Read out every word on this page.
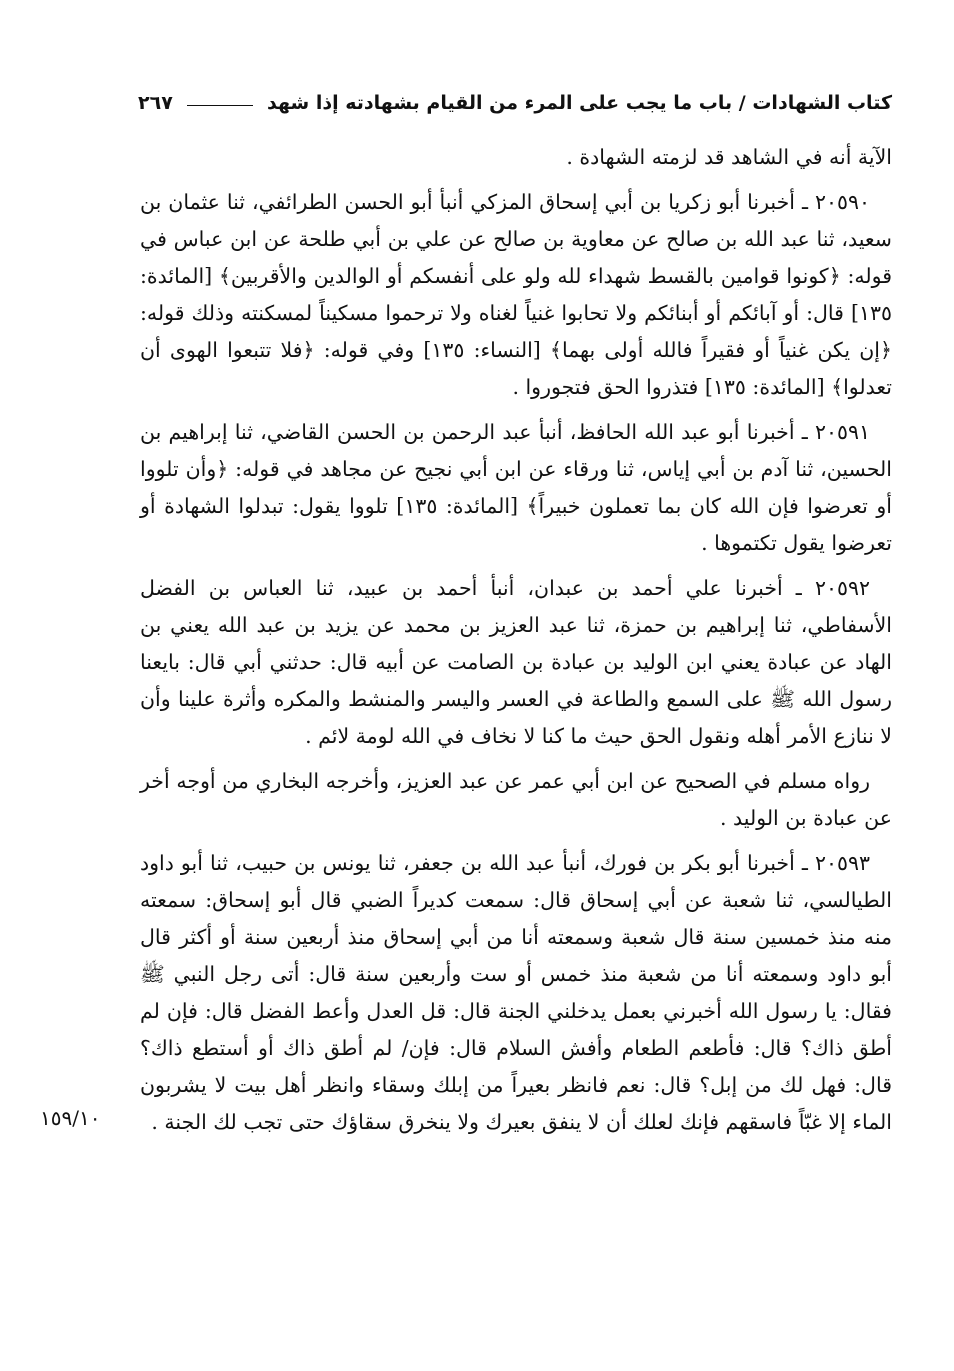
كتاب الشهادات / باب ما يجب على المرء من القيام بشهادته إذا شهد
٢٦٧

الآية أنه في الشاهد قد لزمته الشهادة .

٢٠٥٩٠ ـ أخبرنا أبو زكريا بن أبي إسحاق المزكي أنبأ أبو الحسن الطرائفي، ثنا عثمان بن سعيد، ثنا عبد الله بن صالح عن معاوية بن صالح عن علي بن أبي طلحة عن ابن عباس في قوله: ﴿كونوا قوامين بالقسط شهداء لله ولو على أنفسكم أو الوالدين والأقربين﴾ [المائدة: ١٣٥] قال: أو آبائكم أو أبنائكم ولا تحابوا غنياً لغناه ولا ترحموا مسكيناً لمسكنته وذلك قوله: ﴿إن يكن غنياً أو فقيراً فالله أولى بهما﴾ [النساء: ١٣٥] وفي قوله: ﴿فلا تتبعوا الهوى أن تعدلوا﴾ [المائدة: ١٣٥] فتذروا الحق فتجوروا .

٢٠٥٩١ ـ أخبرنا أبو عبد الله الحافظ، أنبأ عبد الرحمن بن الحسن القاضي، ثنا إبراهيم بن الحسين، ثنا آدم بن أبي إياس، ثنا ورقاء عن ابن أبي نجيح عن مجاهد في قوله: ﴿وأن تلووا أو تعرضوا فإن الله كان بما تعملون خبيراً﴾ [المائدة: ١٣٥] تلووا يقول: تبدلوا الشهادة أو تعرضوا يقول تكتموها .

٢٠٥٩٢ ـ أخبرنا علي أحمد بن عبدان، أنبأ أحمد بن عبيد، ثنا العباس بن الفضل الأسفاطي، ثنا إبراهيم بن حمزة، ثنا عبد العزيز بن محمد عن يزيد بن عبد الله يعني بن الهاد عن عبادة يعني ابن الوليد بن عبادة بن الصامت عن أبيه قال: حدثني أبي قال: بايعنا رسول الله ﷺ على السمع والطاعة في العسر واليسر والمنشط والمكره وأثرة علينا وأن لا ننازع الأمر أهله ونقول الحق حيث ما كنا لا نخاف في الله لومة لائم .

رواه مسلم في الصحيح عن ابن أبي عمر عن عبد العزيز، وأخرجه البخاري من أوجه أخر عن عبادة بن الوليد .

٢٠٥٩٣ ـ أخبرنا أبو بكر بن فورك، أنبأ عبد الله بن جعفر، ثنا يونس بن حبيب، ثنا أبو داود الطيالسي، ثنا شعبة عن أبي إسحاق قال: سمعت كديراً الضبي قال أبو إسحاق: سمعته منه منذ خمسين سنة قال شعبة وسمعته أنا من أبي إسحاق منذ أربعين سنة أو أكثر قال أبو داود وسمعته أنا من شعبة منذ خمس أو ست وأربعين سنة قال: أتى رجل النبي ﷺ فقال: يا رسول الله أخبرني بعمل يدخلني الجنة قال: قل العدل وأعط الفضل قال: فإن لم أطق ذاك؟ قال: فأطعم الطعام وأفش السلام قال: فإن/ لم أطق ذاك أو أستطع ذاك؟ قال: فهل لك من إبل؟ قال: نعم فانظر بعيراً من إبلك وسقاء وانظر أهل بيت لا يشربون الماء إلا غبّاً فاسقهم فإنك لعلك أن لا ينفق بعيرك ولا ينخرق سقاؤك حتى تجب لك الجنة .

١٥٩/١٠
